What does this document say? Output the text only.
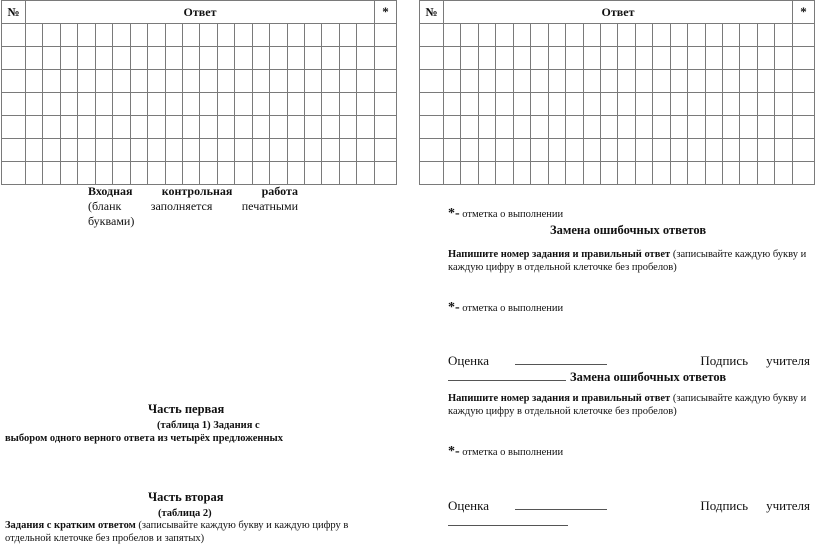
№	Ответ																				*

																						№	Ответ																				*

Входная контрольная работа
(бланк заполняется печатными
буквами)
Часть первая
(таблица 1) Задания с
выбором одного верного ответа из четырёх предложенных
Часть вторая
(таблица 2)
Задания с кратким ответом (записывайте каждую букву и каждую цифру в отдельной клеточке без пробелов и запятых)
*- отметка о выполнении
Замена ошибочных ответов
Напишите номер задания и правильный ответ (записывайте каждую букву и каждую цифру в отдельной клеточке без пробелов)
*- отметка о выполнении
Оценка	Подпись учителя
Замена ошибочных ответов
Напишите номер задания и правильный ответ (записывайте каждую букву и каждую цифру в отдельной клеточке без пробелов)
*- отметка о выполнении
Оценка	Подпись учителя
